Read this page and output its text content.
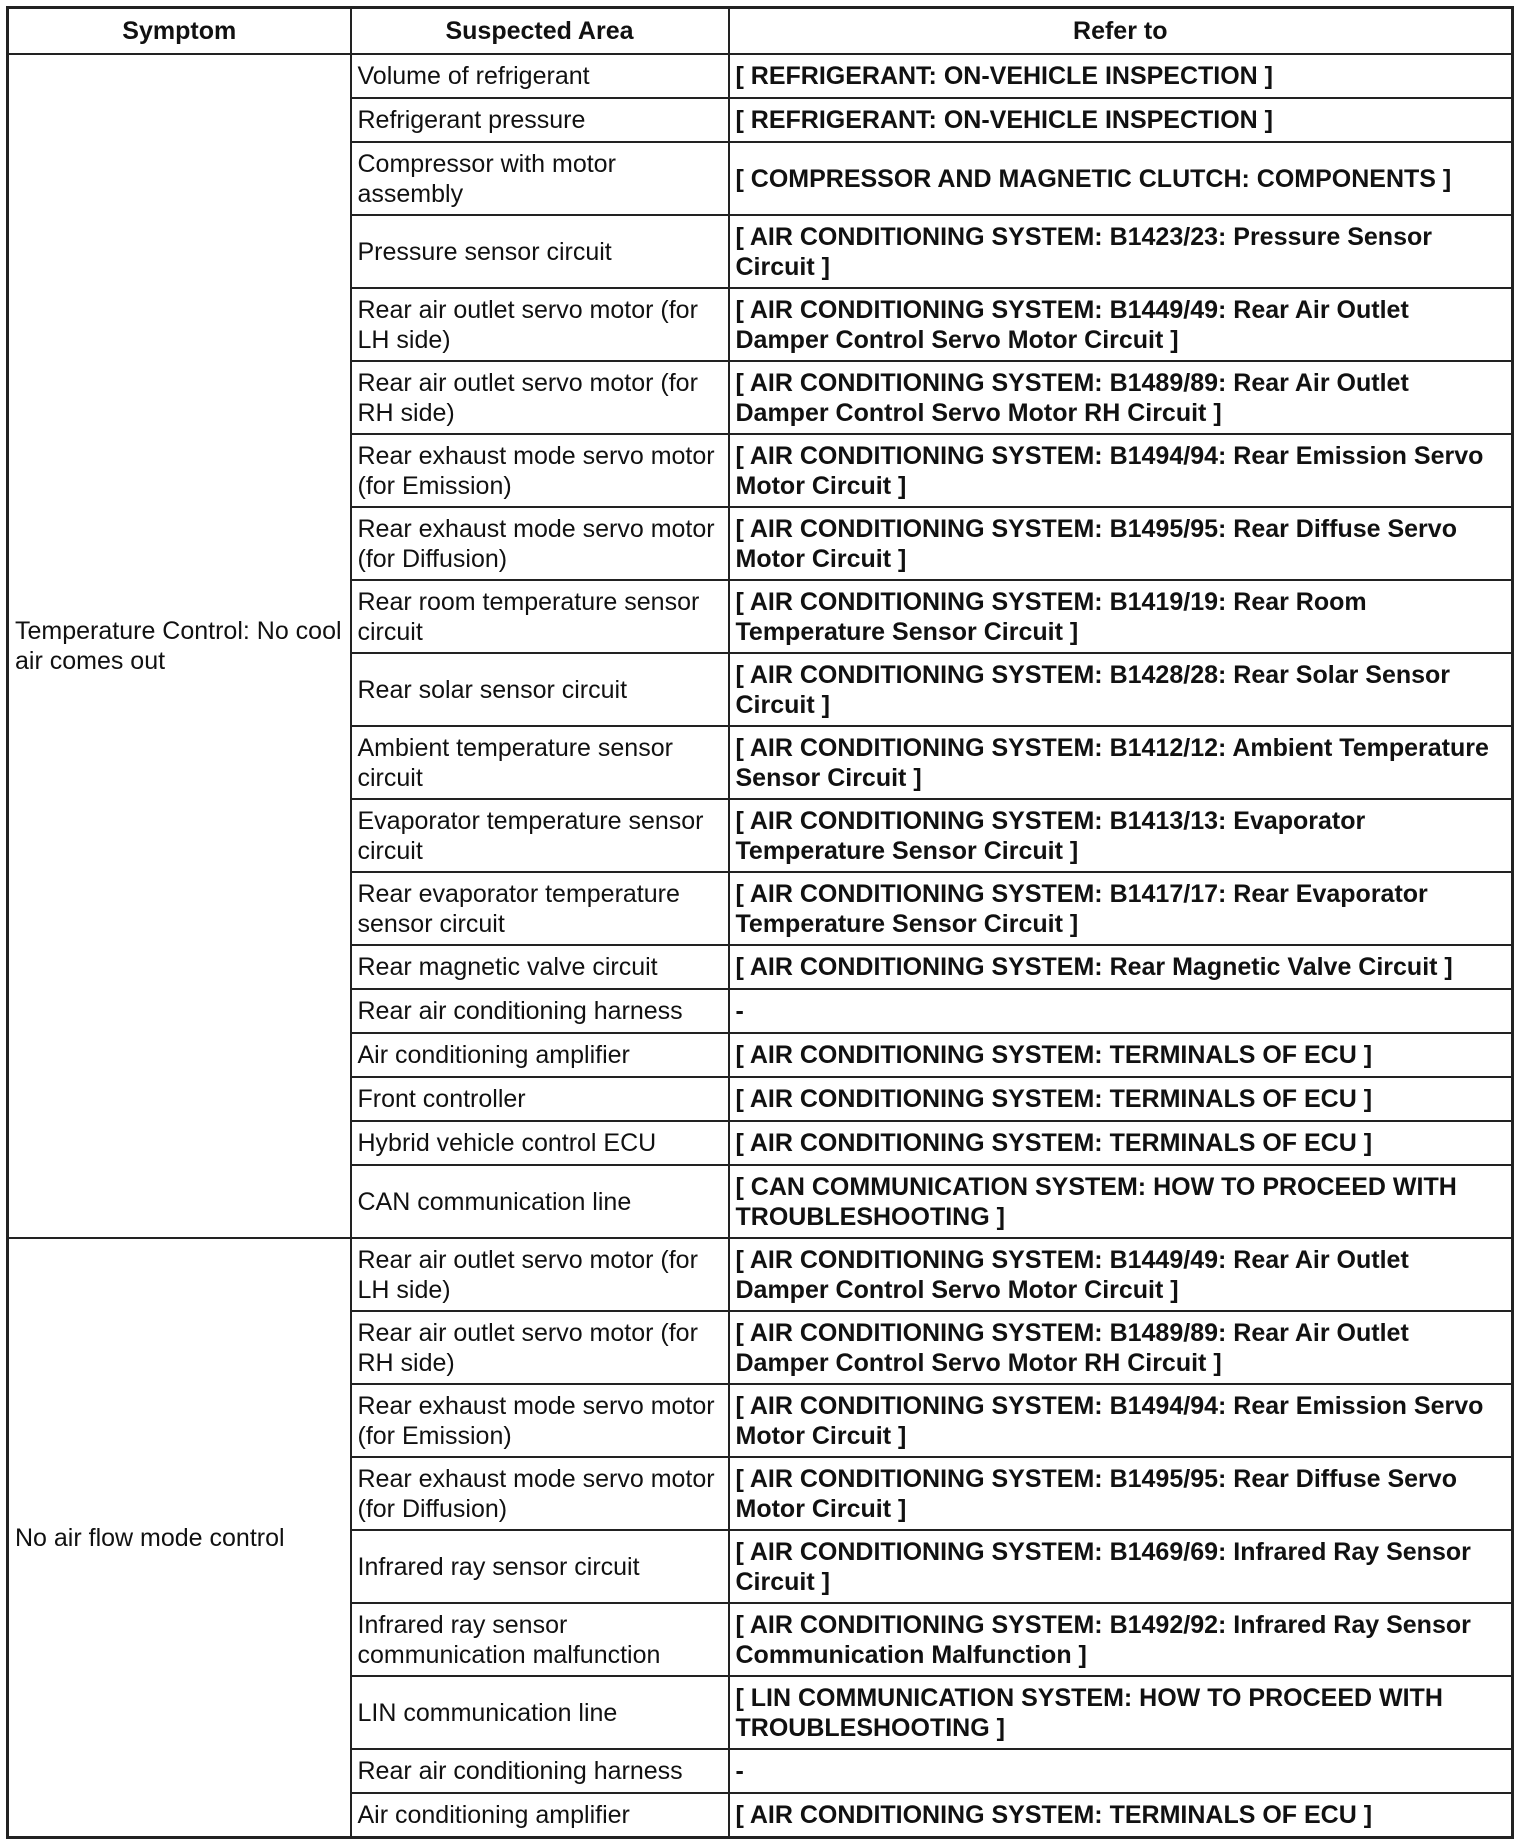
Symptom	Suspected Area	Refer to
Temperature Control: No cool air comes out	Volume of refrigerant	[ REFRIGERANT: ON-VEHICLE INSPECTION ]
	Refrigerant pressure	[ REFRIGERANT: ON-VEHICLE INSPECTION ]
	Compressor with motor assembly	[ COMPRESSOR AND MAGNETIC CLUTCH: COMPONENTS ]
	Pressure sensor circuit	[ AIR CONDITIONING SYSTEM: B1423/23: Pressure Sensor Circuit ]
	Rear air outlet servo motor (for LH side)	[ AIR CONDITIONING SYSTEM: B1449/49: Rear Air Outlet Damper Control Servo Motor Circuit ]
	Rear air outlet servo motor (for RH side)	[ AIR CONDITIONING SYSTEM: B1489/89: Rear Air Outlet Damper Control Servo Motor RH Circuit ]
	Rear exhaust mode servo motor (for Emission)	[ AIR CONDITIONING SYSTEM: B1494/94: Rear Emission Servo Motor Circuit ]
	Rear exhaust mode servo motor (for Diffusion)	[ AIR CONDITIONING SYSTEM: B1495/95: Rear Diffuse Servo Motor Circuit ]
	Rear room temperature sensor circuit	[ AIR CONDITIONING SYSTEM: B1419/19: Rear Room Temperature Sensor Circuit ]
	Rear solar sensor circuit	[ AIR CONDITIONING SYSTEM: B1428/28: Rear Solar Sensor Circuit ]
	Ambient temperature sensor circuit	[ AIR CONDITIONING SYSTEM: B1412/12: Ambient Temperature Sensor Circuit ]
	Evaporator temperature sensor circuit	[ AIR CONDITIONING SYSTEM: B1413/13: Evaporator Temperature Sensor Circuit ]
	Rear evaporator temperature sensor circuit	[ AIR CONDITIONING SYSTEM: B1417/17: Rear Evaporator Temperature Sensor Circuit ]
	Rear magnetic valve circuit	[ AIR CONDITIONING SYSTEM: Rear Magnetic Valve Circuit ]
	Rear air conditioning harness	-
	Air conditioning amplifier	[ AIR CONDITIONING SYSTEM: TERMINALS OF ECU ]
	Front controller	[ AIR CONDITIONING SYSTEM: TERMINALS OF ECU ]
	Hybrid vehicle control ECU	[ AIR CONDITIONING SYSTEM: TERMINALS OF ECU ]
	CAN communication line	[ CAN COMMUNICATION SYSTEM: HOW TO PROCEED WITH TROUBLESHOOTING ]
No air flow mode control	Rear air outlet servo motor (for LH side)	[ AIR CONDITIONING SYSTEM: B1449/49: Rear Air Outlet Damper Control Servo Motor Circuit ]
	Rear air outlet servo motor (for RH side)	[ AIR CONDITIONING SYSTEM: B1489/89: Rear Air Outlet Damper Control Servo Motor RH Circuit ]
	Rear exhaust mode servo motor (for Emission)	[ AIR CONDITIONING SYSTEM: B1494/94: Rear Emission Servo Motor Circuit ]
	Rear exhaust mode servo motor (for Diffusion)	[ AIR CONDITIONING SYSTEM: B1495/95: Rear Diffuse Servo Motor Circuit ]
	Infrared ray sensor circuit	[ AIR CONDITIONING SYSTEM: B1469/69: Infrared Ray Sensor Circuit ]
	Infrared ray sensor communication malfunction	[ AIR CONDITIONING SYSTEM: B1492/92: Infrared Ray Sensor Communication Malfunction ]
	LIN communication line	[ LIN COMMUNICATION SYSTEM: HOW TO PROCEED WITH TROUBLESHOOTING ]
	Rear air conditioning harness	-
	Air conditioning amplifier	[ AIR CONDITIONING SYSTEM: TERMINALS OF ECU ]
